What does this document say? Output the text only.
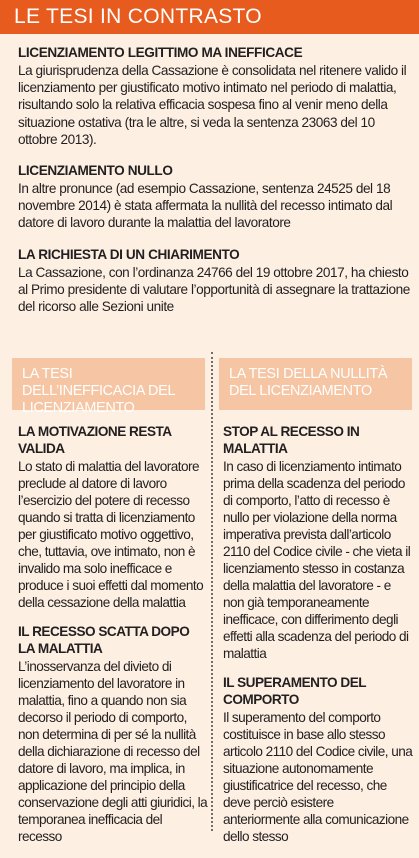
LE TESI IN CONTRASTO
LICENZIAMENTO LEGITTIMO MA INEFFICACE

La giurisprudenza della Cassazione è consolidata nel ritenere valido il licenziamento per giustificato motivo intimato nel periodo di malattia, risultando solo la relativa efficacia sospesa fino al venir meno della situazione ostativa (tra le altre, si veda la sentenza 23063 del 10 ottobre 2013).

LICENZIAMENTO NULLO

In altre pronunce (ad esempio Cassazione, sentenza 24525 del 18 novembre 2014) è stata affermata la nullità del recesso intimato dal datore di lavoro durante la malattia del lavoratore

LA RICHIESTA DI UN CHIARIMENTO

La Cassazione, con l’ordinanza 24766 del 19 ottobre 2017, ha chiesto al Primo presidente di valutare l’opportunità di assegnare la trattazione del ricorso alle Sezioni unite

LA TESI DELL’INEFFICACIA DEL LICENZIAMENTO
LA TESI DELLA NULLITÀ DEL LICENZIAMENTO
LA MOTIVAZIONE RESTA VALIDA

Lo stato di malattia del lavoratore preclude al datore di lavoro l’esercizio del potere di recesso quando si tratta di licenziamento per giustificato motivo oggettivo, che, tuttavia, ove intimato, non è invalido ma solo inefficace e produce i suoi effetti dal momento della cessazione della malattia

IL RECESSO SCATTA DOPO LA MALATTIA

L’inosservanza del divieto di licenziamento del lavoratore in malattia, fino a quando non sia decorso il periodo di comporto, non determina di per sé la nullità della dichiarazione di recesso del datore di lavoro, ma implica, in applicazione del principio della conservazione degli atti giuridici, la temporanea inefficacia del recesso

STOP AL RECESSO IN MALATTIA

In caso di licenziamento intimato prima della scadenza del periodo di comporto, l’atto di recesso è nullo per violazione della norma imperativa prevista dall’articolo 2110 del Codice civile - che vieta il licenziamento stesso in costanza della malattia del lavoratore - e non già temporaneamente inefficace, con differimento degli effetti alla scadenza del periodo di malattia

IL SUPERAMENTO DEL COMPORTO

Il superamento del comporto costituisce in base allo stesso articolo 2110 del Codice civile, una situazione autonomamente giustificatrice del recesso, che deve perciò esistere anteriormente alla comunicazione dello stesso
